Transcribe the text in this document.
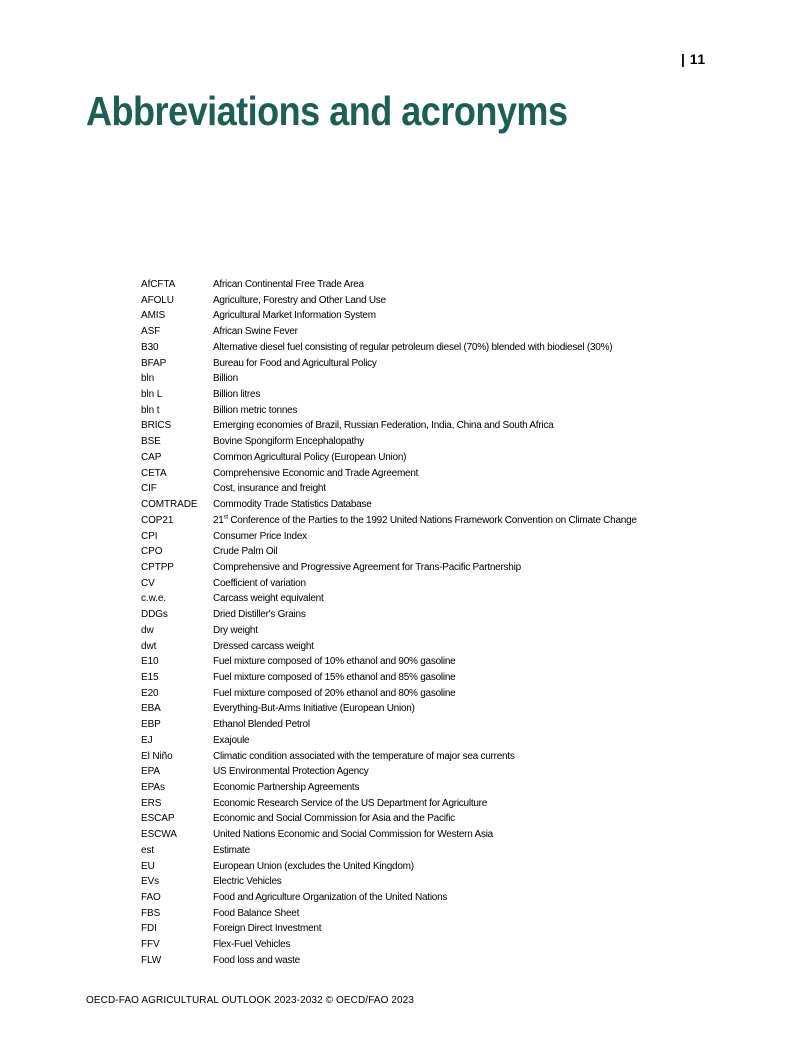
| 11
Abbreviations and acronyms
AfCFTA	African Continental Free Trade Area
AFOLU	Agriculture, Forestry and Other Land Use
AMIS	Agricultural Market Information System
ASF	African Swine Fever
B30	Alternative diesel fuel consisting of regular petroleum diesel (70%) blended with biodiesel (30%)
BFAP	Bureau for Food and Agricultural Policy
bln	Billion
bln L	Billion litres
bln t	Billion metric tonnes
BRICS	Emerging economies of Brazil, Russian Federation, India, China and South Africa
BSE	Bovine Spongiform Encephalopathy
CAP	Common Agricultural Policy (European Union)
CETA	Comprehensive Economic and Trade Agreement
CIF	Cost, insurance and freight
COMTRADE	Commodity Trade Statistics Database
COP21	21st Conference of the Parties to the 1992 United Nations Framework Convention on Climate Change
CPI	Consumer Price Index
CPO	Crude Palm Oil
CPTPP	Comprehensive and Progressive Agreement for Trans-Pacific Partnership
CV	Coefficient of variation
c.w.e.	Carcass weight equivalent
DDGs	Dried Distiller's Grains
dw	Dry weight
dwt	Dressed carcass weight
E10	Fuel mixture composed of 10% ethanol and 90% gasoline
E15	Fuel mixture composed of 15% ethanol and 85% gasoline
E20	Fuel mixture composed of 20% ethanol and 80% gasoline
EBA	Everything-But-Arms Initiative (European Union)
EBP	Ethanol Blended Petrol
EJ	Exajoule
El Niño	Climatic condition associated with the temperature of major sea currents
EPA	US Environmental Protection Agency
EPAs	Economic Partnership Agreements
ERS	Economic Research Service of the US Department for Agriculture
ESCAP	Economic and Social Commission for Asia and the Pacific
ESCWA	United Nations Economic and Social Commission for Western Asia
est	Estimate
EU	European Union (excludes the United Kingdom)
EVs	Electric Vehicles
FAO	Food and Agriculture Organization of the United Nations
FBS	Food Balance Sheet
FDI	Foreign Direct Investment
FFV	Flex-Fuel Vehicles
FLW	Food loss and waste
OECD-FAO AGRICULTURAL OUTLOOK 2023-2032 © OECD/FAO 2023
